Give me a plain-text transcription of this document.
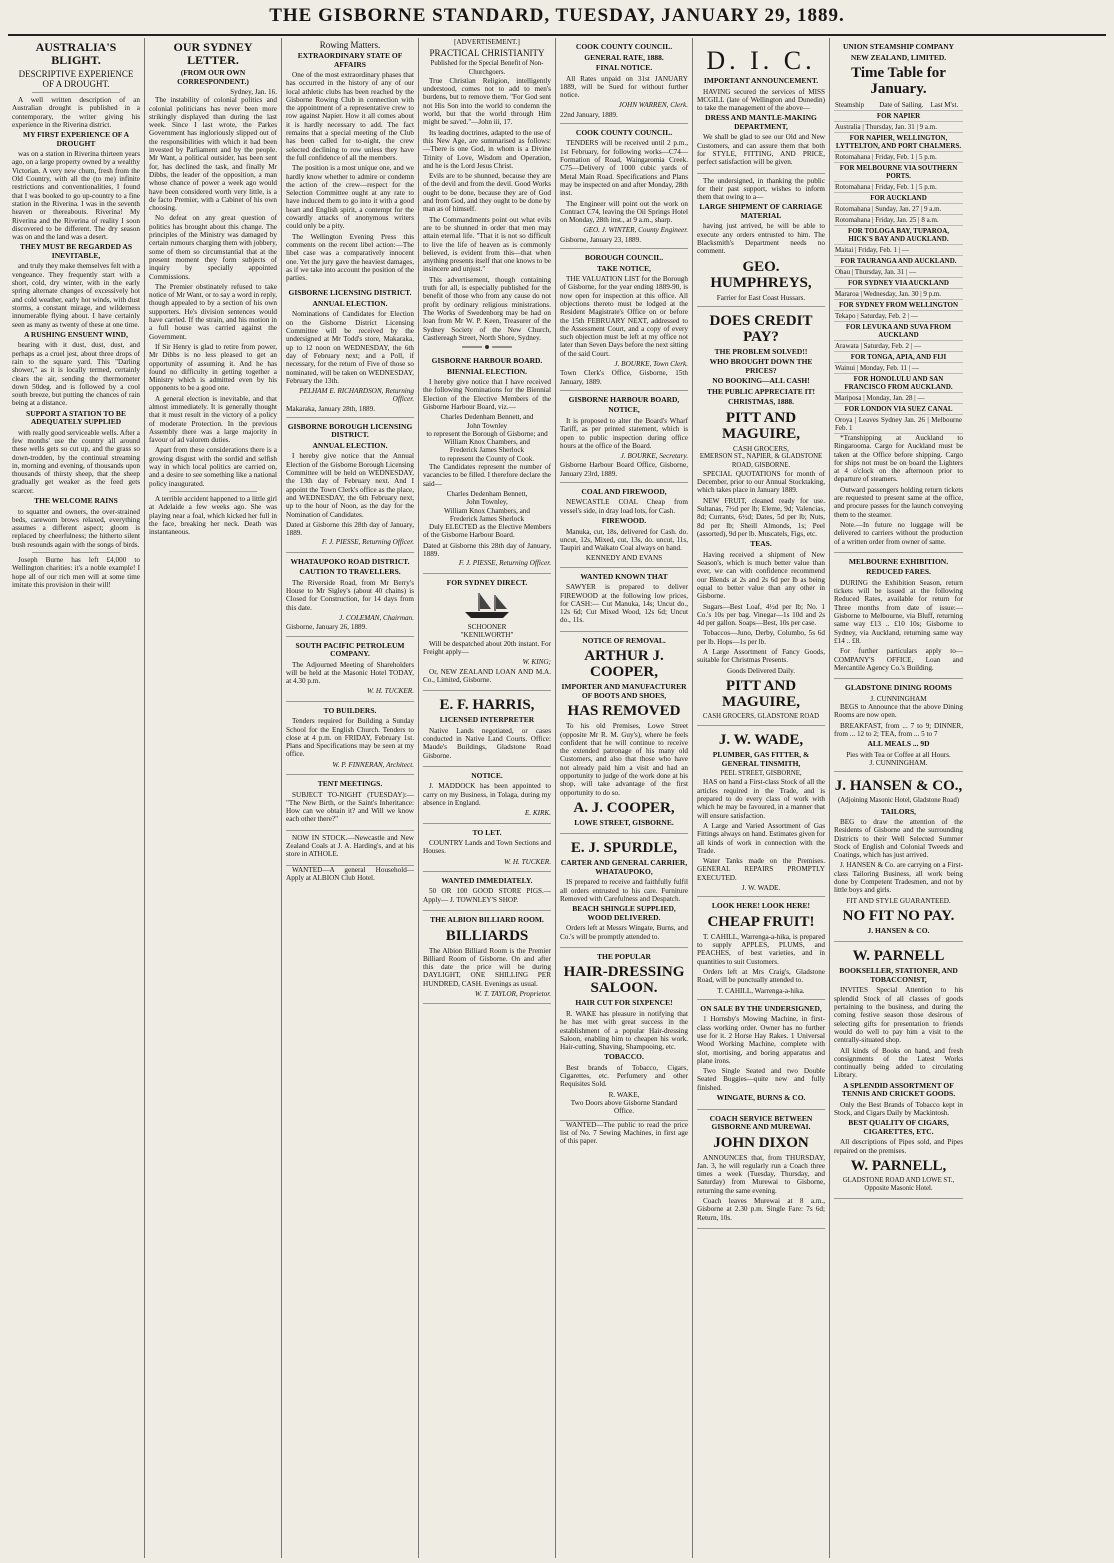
THE GISBORNE STANDARD, TUESDAY, JANUARY 29, 1889.
AUSTRALIA'S BLIGHT.
DESCRIPTIVE EXPERIENCE OF A DROUGHT.

A well written description of an Australian drought is published in a contemporary, the writer giving his experience in the Riverina district.

MY FIRST EXPERIENCE OF A DROUGHT

was on a station in Riverina thirteen years ago, on a large property owned by a wealthy Victorian. A very new chum, fresh from the Old Country, with all the (to me) infinite restrictions and conventionalities, I found that I was booked to go up-country to a fine station in the Riverina. I was in the seventh heaven or thereabouts. Riverina! My Riverina and the Riverina of reality I soon discovered to be different. The dry season was on and the land was a desert.

THEY MUST BE REGARDED AS INEVITABLE,

and truly they make themselves felt with a vengeance. They frequently start with a short, cold, dry winter, with in the early spring alternate changes of excessively hot and cold weather, early hot winds, with dust storms, a constant mirage, and wilderness innumerable flying about. I have certainly seen as many as twenty of these at one time.

A RUSHING ENSUENT WIND,

bearing with it dust, dust, dust, and perhaps as a cruel jest, about three drops of rain to the square yard. This "Darling shower," as it is locally termed, certainly clears the air, sending the thermometer down 50deg. and is followed by a cool south breeze, but putting the chances of rain being at a distance.

SUPPORT A STATION TO BE ADEQUATELY SUPPLIED

with really good serviceable wells. After a few months' use the country all around these wells gets so cut up, and the grass so down-trodden, by the continual streaming in, morning and evening, of thousands upon thousands of thirsty sheep, that the sheep gradually get weaker as the feed gets scarcer.

THE WELCOME RAINS

to squatter and owners, the over-strained beds, careworn brows relaxed, everything assumes a different aspect; gloom is replaced by cheerfulness; the hitherto silent bush resounds again with the songs of birds.

Joseph Burne has left £4,000 to Wellington charities: it's a noble example! I hope all of our rich men will at some time imitate this provision in their will!

OUR SYDNEY LETTER.
(FROM OUR OWN CORRESPONDENT.)
Sydney, Jan. 16.

The instability of colonial politics and colonial politicians has never been more strikingly displayed than during the last week. Since I last wrote, the Parkes Government has ingloriously slipped out of the responsibilities with which it had been invested by Parliament and by the people. Mr Want, a political outsider, has been sent for, has declined the task, and finally Mr Dibbs, the leader of the opposition, a man whose chance of power a week ago would have been considered worth very little, is a de facto Premier, with a Cabinet of his own choosing.

No defeat on any great question of politics has brought about this change. The principles of the Ministry was damaged by certain rumours charging them with jobbery, some of them so circumstantial that at the present moment they form subjects of inquiry by specially appointed Commissions.

The Premier obstinately refused to take notice of Mr Want, or to say a word in reply, though appealed to by a section of his own supporters. He's division sentences would have carried. If the strain, and his motion in a full house was carried against the Government.

If Sir Henry is glad to retire from power, Mr Dibbs is no less pleased to get an opportunity of assuming it. And he has found no difficulty in getting together a Ministry which is admitted even by his opponents to be a good one.

A general election is inevitable, and that almost immediately. It is generally thought that it must result in the victory of a policy of moderate Protection. In the previous Assembly there was a large majority in favour of ad valorem duties.

Apart from these considerations there is a growing disgust with the sordid and selfish way in which local politics are carried on, and a desire to see something like a national policy inaugurated.

A terrible accident happened to a little girl at Adelaide a few weeks ago. She was playing near a foal, which kicked her full in the face, breaking her neck. Death was instantaneous.

Rowing Matters.
EXTRAORDINARY STATE OF AFFAIRS

One of the most extraordinary phases that has occurred in the history of any of our local athletic clubs has been reached by the Gisborne Rowing Club in connection with the appointment of a representative crew to row against Napier. How it all comes about it is hardly necessary to add. The fact remains that a special meeting of the Club has been called for to-night, the crew selected declining to row unless they have the full confidence of all the members.

The position is a most unique one, and we hardly know whether to admire or condemn the action of the crew—respect for the Selection Committee ought at any rate to have induced them to go into it with a good heart and English spirit, a contempt for the cowardly attacks of anonymous writers could only be a pity.

The Wellington Evening Press this comments on the recent libel action:—The libel case was a comparatively innocent one. Yet the jury gave the heaviest damages, as if we take into account the position of the parties.

GISBORNE LICENSING DISTRICT.
ANNUAL ELECTION.

Nominations of Candidates for Election on the Gisborne District Licensing Committee will be received by the undersigned at Mr Todd's store, Makaraka, up to 12 noon on WEDNESDAY, the 6th day of February next; and a Poll, if necessary, for the return of Five of those so nominated, will be taken on WEDNESDAY, February the 13th.

PELHAM E. RICHARDSON, Returning Officer.
Makaraka, January 28th, 1889.
GISBORNE BOROUGH LICENSING DISTRICT.
ANNUAL ELECTION.

I hereby give notice that the Annual Election of the Gisborne Borough Licensing Committee will be held on WEDNESDAY, the 13th day of February next. And I appoint the Town Clerk's office as the place, and WEDNESDAY, the 6th February next, up to the hour of Noon, as the day for the Nomination of Candidates.

Dated at Gisborne this 28th day of January, 1889.
F. J. PIESSE, Returning Officer.
WHATAUPOKO ROAD DISTRICT.
CAUTION TO TRAVELLERS.

The Riverside Road, from Mr Berry's House to Mr Sigley's (about 40 chains) is Closed for Construction, for 14 days from this date.

J. COLEMAN, Chairman.
Gisborne, January 26, 1889.
SOUTH PACIFIC PETROLEUM COMPANY.

The Adjourned Meeting of Shareholders will be held at the Masonic Hotel TODAY, at 4.30 p.m.

W. H. TUCKER.
TO BUILDERS.

Tenders required for Building a Sunday School for the English Church. Tenders to close at 4 p.m. on FRIDAY, February 1st. Plans and Specifications may be seen at my office.

W. P. FINNERAN, Architect.
TENT MEETINGS.

SUBJECT TO-NIGHT (TUESDAY):— "The New Birth, or the Saint's Inheritance: How can we obtain it? and Will we know each other there?"

NOW IN STOCK.—Newcastle and New Zealand Coals at J. A. Harding's, and at his store in ATHOLE.

WANTED—A general Household—Apply at ALBION Club Hotel.

[ADVERTISEMENT.]
PRACTICAL CHRISTIANITY
Published for the Special Benefit of Non-Churchgoers.

True Christian Religion, intelligently understood, comes not to add to men's burdens, but to remove them. "For God sent not His Son into the world to condemn the world, but that the world through Him might be saved."—John iii, 17.

Its leading doctrines, adapted to the use of this New Age, are summarised as follows:—There is one God, in whom is a Divine Trinity of Love, Wisdom and Operation, and he is the Lord Jesus Christ.

Evils are to be shunned, because they are of the devil and from the devil. Good Works ought to be done, because they are of God and from God, and they ought to be done by man as of himself.

The Commandments point out what evils are to be shunned in order that men may attain eternal life. "That it is not so difficult to live the life of heaven as is commonly believed, is evident from this—that when anything presents itself that one knows to be insincere and unjust."

This advertisement, though containing truth for all, is especially published for the benefit of those who from any cause do not profit by ordinary religious ministrations. The Works of Swedenborg may be had on loan from Mr W. P. Keen, Treasurer of the Sydney Society of the New Church, Castlereagh Street, North Shore, Sydney.

GISBORNE HARBOUR BOARD.
BIENNIAL ELECTION.

I hereby give notice that I have received the following Nominations for the Biennial Election of the Elective Members of the Gisborne Harbour Board, viz.—

Charles Dedenham Bennett, and
John Townley
to represent the Borough of Gisborne; and
William Knox Chambers, and
Frederick James Sherlock
to represent the County of Cook.

The Candidates represent the number of vacancies to be filled. I therefore declare the said—

Charles Dedenham Bennett,
John Townley,
William Knox Chambers, and
Frederick James Sherlock

Duly ELECTED as the Elective Members of the Gisborne Harbour Board.

Dated at Gisborne this 28th day of January, 1889.
F. J. PIESSE, Returning Officer.
FOR SYDNEY DIRECT.
SCHOONER
"KENILWORTH"

Will be despatched about 20th instant. For Freight apply—

W. KING;

Or, NEW ZEALAND LOAN AND M.A. Co., Limited, Gisborne.

E. F. HARRIS,
LICENSED INTERPRETER

Native Lands negotiated, or cases conducted in Native Land Courts. Office: Maude's Buildings, Gladstone Road Gisborne.

NOTICE.

J. MADDOCK has been appointed to carry on my Business, in Tolaga, during my absence in England.

E. KIRK.
TO LET.

COUNTRY Lands and Town Sections and Houses.

W. H. TUCKER.
WANTED IMMEDIATELY.

50 OR 100 GOOD STORE PIGS.—Apply— J. TOWNLEY'S SHOP.

THE ALBION BILLIARD ROOM.
BILLIARDS

The Albion Billiard Room is the Premier Billiard Room of Gisborne. On and after this date the price will be during DAYLIGHT, ONE SHILLING PER HUNDRED, CASH. Evenings as usual.

W. T. TAYLOR, Proprietor.
COOK COUNTY COUNCIL.
GENERAL RATE, 1888.
FINAL NOTICE.

All Rates unpaid on 31st JANUARY 1889, will be Sued for without further notice.

JOHN WARREN, Clerk.
22nd January, 1889.
COOK COUNTY COUNCIL.

TENDERS will be received until 2 p.m., 1st February, for following works—C74—Formation of Road, Waingaromia Creek. C75—Delivery of 1000 cubic yards of Metal Main Road. Specifications and Plans may be inspected on and after Monday, 28th inst.

The Engineer will point out the work on Contract C74, leaving the Oil Springs Hotel on Monday, 28th inst., at 9 a.m., sharp.

GEO. J. WINTER, County Engineer.
Gisborne, January 23, 1889.
BOROUGH COUNCIL.
TAKE NOTICE,

THE VALUATION LIST for the Borough of Gisborne, for the year ending 1889-90, is now open for inspection at this office. All objections thereto must be lodged at the Resident Magistrate's Office on or before the 15th FEBRUARY NEXT, addressed to the Assessment Court, and a copy of every such objection must be left at my office not later than Seven Days before the next sitting of the said Court.

J. BOURKE, Town Clerk.
Town Clerk's Office, Gisborne, 15th January, 1889.
GISBORNE HARBOUR BOARD,
NOTICE,

It is proposed to alter the Board's Wharf Tariff, as per printed statement, which is open to public inspection during office hours at the office of the Board.

J. BOURKE, Secretary.
Gisborne Harbour Board Office, Gisborne, January 23rd, 1889.
COAL AND FIREWOOD,

NEWCASTLE COAL Cheap from vessel's side, in dray load lots, for Cash.

FIREWOOD.

Manuka, cut, 18s, delivered for Cash. do. uncut, 12s, Mixed, cut, 13s, do. uncut, 11s, Taupiri and Waikato Coal always on hand.

KENNEDY AND EVANS
WANTED KNOWN THAT

SAWYER is prepared to deliver FIREWOOD at the following low prices, for CASH:— Cut Manuka, 14s; Uncut do., 12s 6d; Cut Mixed Wood, 12s 6d; Uncut do., 11s.

NOTICE OF REMOVAL.
ARTHUR J. COOPER,
IMPORTER AND MANUFACTURER OF BOOTS AND SHOES,
HAS REMOVED

To his old Premises, Lowe Street (opposite Mr R. M. Guy's), where he feels confident that he will continue to receive the extended patronage of his many old Customers, and also that those who have not already paid him a visit and had an opportunity to judge of the work done at his shop, will take advantage of the first opportunity to do so.

A. J. COOPER,
LOWE STREET, GISBORNE.
E. J. SPURDLE,
CARTER AND GENERAL CARRIER, WHATAUPOKO,

IS prepared to receive and faithfully fulfil all orders entrusted to his care. Furniture Removed with Carefulness and Despatch.

BEACH SHINGLE SUPPLIED, WOOD DELIVERED.

Orders left at Messrs Wingate, Burns, and Co.'s will be promptly attended to.

THE POPULAR
HAIR-DRESSING SALOON.
HAIR CUT FOR SIXPENCE!

R. WAKE has pleasure in notifying that he has met with great success in the establishment of a popular Hair-dressing Saloon, enabling him to cheapen his work. Hair-cutting, Shaving, Shampooing, etc.

TOBACCO.

Best brands of Tobacco, Cigars, Cigarettes, etc. Perfumery and other Requisites Sold.

R. WAKE,
Two Doors above Gisborne Standard Office.

WANTED—The public to read the price list of No. 7 Sewing Machines, in first age of this paper.

D. I. C.
IMPORTANT ANNOUNCEMENT.

HAVING secured the services of MISS MCGILL (late of Wellington and Dunedin) to take the management of the above—

DRESS AND MANTLE-MAKING DEPARTMENT,

We shall be glad to see our Old and New Customers, and can assure them that both for STYLE, FITTING, AND PRICE, perfect satisfaction will be given.

The undersigned, in thanking the public for their past support, wishes to inform them that owing to a—

LARGE SHIPMENT OF CARRIAGE MATERIAL

having just arrived, he will be able to execute any orders entrusted to him. The Blacksmith's Department needs no comment.

GEO. HUMPHREYS,
Farrier for East Coast Hussars.
DOES CREDIT PAY?
THE PROBLEM SOLVED!!
WHO BROUGHT DOWN THE PRICES?
NO BOOKING—ALL CASH!
THE PUBLIC APPRECIATE IT!
CHRISTMAS, 1888.
PITT AND MAGUIRE,
CASH GROCERS,
EMERSON ST., NAPIER, & GLADSTONE ROAD, GISBORNE.

SPECIAL QUOTATIONS for month of December, prior to our Annual Stocktaking, which takes place in January 1889.

NEW FRUIT, cleaned ready for use. Sultanas, 7½d per lb; Eleme, 9d; Valencias, 8d; Currants, 6½d; Dates, 5d per lb; Nuts, 8d per lb; Sheill Almonds, 1s; Peel (assorted), 9d per lb. Muscatels, Figs, etc.

TEAS.

Having received a shipment of New Season's, which is much better value than ever, we can with confidence recommend our Blends at 2s and 2s 6d per lb as being equal to better value than any other in Gisborne.

Sugars—Best Loaf, 4½d per lb; No. 1 Co.'s 10s per bag. Vinegar—1s 10d and 2s 4d per gallon. Soaps—Best, 10s per case.

Tobaccos—Juno, Derby, Columbo, 5s 6d per lb. Hops—1s per lb.

A Large Assortment of Fancy Goods, suitable for Christmas Presents.

Goods Delivered Daily.
PITT AND MAGUIRE,
CASH GROCERS, GLADSTONE ROAD
J. W. WADE,
PLUMBER, GAS FITTER, & GENERAL TINSMITH,
PEEL STREET, GISBORNE,

HAS on hand a First-class Stock of all the articles required in the Trade, and is prepared to do every class of work with which he may be favoured, in a manner that will ensure satisfaction.

A Large and Varied Assortment of Gas Fittings always on hand. Estimates given for all kinds of work in connection with the Trade.

Water Tanks made on the Premises. GENERAL REPAIRS PROMPTLY EXECUTED.

J. W. WADE.
LOOK HERE! LOOK HERE!
CHEAP FRUIT!

T. CAHILL, Warrenga-a-hika, is prepared to supply APPLES, PLUMS, and PEACHES, of best varieties, and in quantities to suit Customers.

Orders left at Mrs Craig's, Gladstone Road, will be punctually attended to.

T. CAHILL, Warrenga-a-hika.
ON SALE BY THE UNDERSIGNED,

1 Hornsby's Mowing Machine, in first-class working order. Owner has no further use for it. 2 Horse Hay Rakes. 1 Universal Wood Working Machine, complete with slot, mortising, and boring apparatus and plane irons.

Two Single Seated and two Double Seated Buggies—quite new and fully finished.

WINGATE, BURNS & CO.
COACH SERVICE BETWEEN GISBORNE AND MUREWAI.
JOHN DIXON

ANNOUNCES that, from THURSDAY, Jan. 3, he will regularly run a Coach three times a week (Tuesday, Thursday, and Saturday) from Murewai to Gisborne, returning the same evening.

Coach leaves Murewai at 8 a.m., Gisborne at 2.30 p.m. Single Fare: 7s 6d; Return, 10s.

UNION STEAMSHIP COMPANY
NEW ZEALAND, LIMITED.
Time Table for January.
Steamship	Date of Sailing.	Last M'st.
FOR NAPIER
Australia | Thursday, Jan. 31 | 9 a.m.
FOR NAPIER, WELLINGTON, LYTTELTON, AND PORT CHALMERS.
Rotomahana | Friday, Feb. 1 | 5 p.m.
FOR MELBOURNE VIA SOUTHERN PORTS.
Rotomahana | Friday, Feb. 1 | 5 p.m.
FOR AUCKLAND
Rotomahana | Sunday, Jan. 27 | 9 a.m.
Rotomahana | Friday, Jan. 25 | 8 a.m.
FOR TOLOGA BAY, TUPAROA, HICK'S BAY AND AUCKLAND.
Maitai | Friday, Feb. 1 | —
FOR TAURANGA AND AUCKLAND.
Ohau | Thursday, Jan. 31 | —
FOR SYDNEY VIA AUCKLAND
Mararoa | Wednesday, Jan. 30 | 9 p.m.
FOR SYDNEY FROM WELLINGTON
Tekapo | Saturday, Feb. 2 | —
FOR LEVUKA AND SUVA FROM AUCKLAND
Arawata | Saturday, Feb. 2 | —
FOR TONGA, APIA, AND FIJI
Wainui | Monday, Feb. 11 | —
FOR HONOLULU AND SAN FRANCISCO FROM AUCKLAND.
Mariposa | Monday, Jan. 28 | —
FOR LONDON VIA SUEZ CANAL
Oroya | Leaves Sydney Jan. 26 | Melbourne Feb. 1

*Transhipping at Auckland to Ringarooma. Cargo for Auckland must be taken at the Office before shipping. Cargo for ships not must be on board the Lighters at 4 o'clock on the afternoon prior to departure of steamers.

Outward passengers holding return tickets are requested to present same at the office, and procure passes for the launch conveying them to the steamer.

Note.—In future no luggage will be delivered to carriers without the production of a written order from owner of same.

MELBOURNE EXHIBITION.
REDUCED FARES.

DURING the Exhibition Season, return tickets will be issued at the following Reduced Rates, available for return for Three months from date of issue:— Gisborne to Melbourne, via Bluff, returning same way £13 .. £10 10s; Gisborne to Sydney, via Auckland, returning same way £14 .. £8.

For further particulars apply to— COMPANY'S OFFICE, Loan and Mercantile Agency Co.'s Building.

GLADSTONE DINING ROOMS
J. CUNNINGHAM

BEGS to Announce that the above Dining Rooms are now open.

BREAKFAST, from ... 7 to 9; DINNER, from ... 12 to 2; TEA, from ... 5 to 7

ALL MEALS ... 9D
Pies with Tea or Coffee at all Hours.
J. CUNNINGHAM.
J. HANSEN & CO.,
(Adjoining Masonic Hotel, Gladstone Road)
TAILORS,

BEG to draw the attention of the Residents of Gisborne and the surrounding Districts to their Well Selected Summer Stock of English and Colonial Tweeds and Coatings, which has just arrived.

J. HANSEN & Co. are carrying on a First-class Tailoring Business, all work being done by Competent Tradesmen, and not by little boys and girls.

FIT AND STYLE GUARANTEED.
NO FIT NO PAY.
J. HANSEN & CO.
W. PARNELL
BOOKSELLER, STATIONER, AND TOBACCONIST,

INVITES Special Attention to his splendid Stock of all classes of goods pertaining to the business, and during the coming festive season those desirous of selecting gifts for presentation to friends would do well to pay him a visit to the centrally-situated shop.

All kinds of Books on hand, and fresh consignments of the Latest Works continually being added to circulating Library.

A SPLENDID ASSORTMENT OF TENNIS AND CRICKET GOODS.

Only the Best Brands of Tobacco kept in Stock, and Cigars Daily by Mackintosh.

BEST QUALITY OF CIGARS, CIGARETTES, ETC.

All descriptions of Pipes sold, and Pipes repaired on the premises.

W. PARNELL,
GLADSTONE ROAD AND LOWE ST., Opposite Masonic Hotel.
